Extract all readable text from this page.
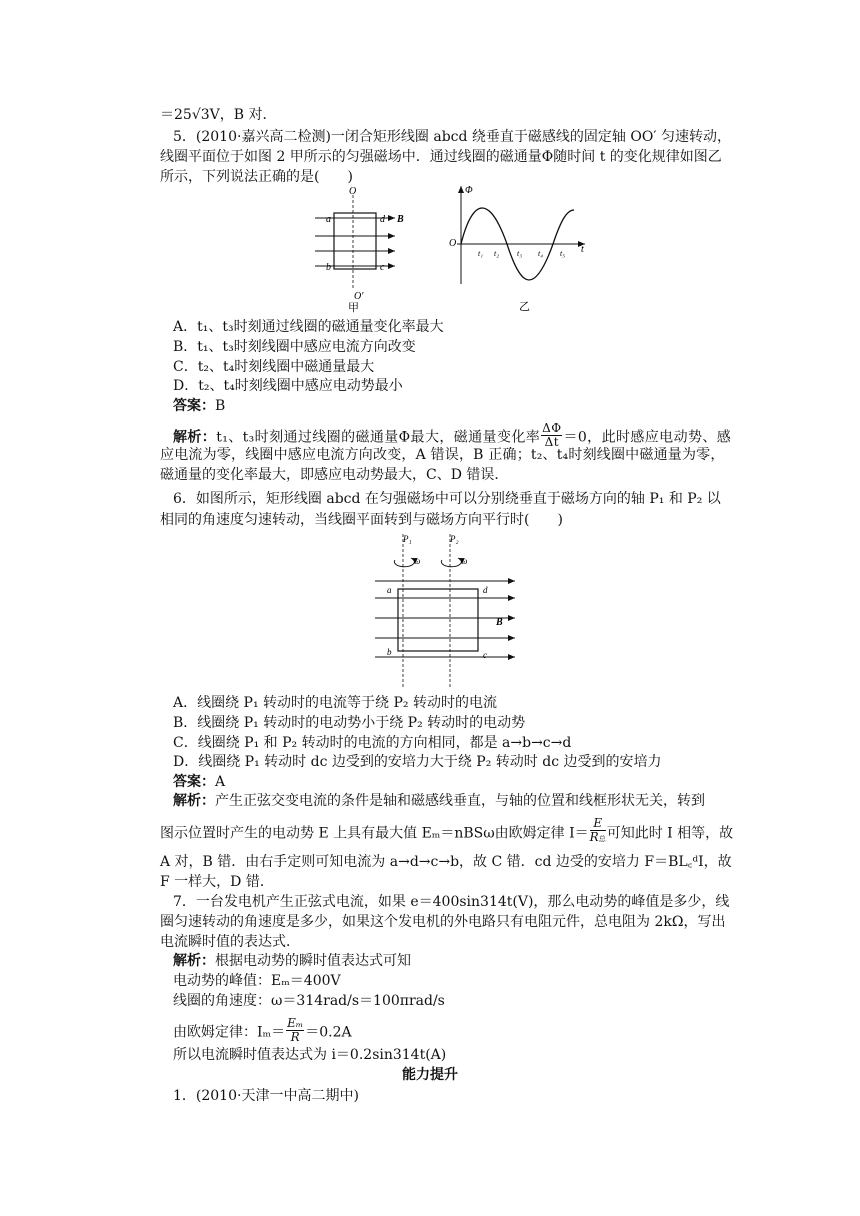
＝25√3V，B 对．
5．(2010·嘉兴高二检测)一闭合矩形线圈 abcd 绕垂直于磁感线的固定轴 OO′ 匀速转动，
线圈平面位于如图 2 甲所示的匀强磁场中．通过线圈的磁通量Φ随时间 t 的变化规律如图乙
所示，下列说法正确的是(　　)
O
O′
a
b	c
d B
甲
Φ
O
t₁ t₂ t₃ t₄ t₅ t
乙
A．t₁、t₃时刻通过线圈的磁通量变化率最大
B．t₁、t₃时刻线圈中感应电流方向改变
C．t₂、t₄时刻线圈中磁通量最大
D．t₂、t₄时刻线圈中感应电动势最小
答案：B
解析：t₁、t₃时刻通过线圈的磁通量Φ最大，磁通量变化率 $\frac{\Delta\Phi}{\Delta t} =0$，此时感应电动势、感
应电流为零，线圈中感应电流方向改变，A 错误，B 正确；t₂、t₄时刻线圈中磁通量为零，
磁通量的变化率最大，即感应电动势最大，C、D 错误．
6．如图所示，矩形线圈 abcd 在匀强磁场中可以分别绕垂直于磁场方向的轴 P₁ 和 P₂ 以
相同的角速度匀速转动，当线圈平面转到与磁场方向平行时(　　)
P₁	P₂
ω	ω
a
b	c
d
B
A．线圈绕 P₁ 转动时的电流等于绕 P₂ 转动时的电流
B．线圈绕 P₁ 转动时的电动势小于绕 P₂ 转动时的电动势
C．线圈绕 P₁ 和 P₂ 转动时的电流的方向相同，都是 a→b→c→d
D．线圈绕 P₁ 转动时 dc 边受到的安培力大于绕 P₂ 转动时 dc 边受到的安培力
答案：A
解析：产生正弦交变电流的条件是轴和磁感线垂直，与轴的位置和线框形状无关，转到
图示位置时产生的电动势 E 上具有最大值 Eₘ＝nBSω由欧姆定律 I＝
E
R总 可知此时 I 相等，故
A 对，B 错．由右手定则可知电流为 a→d→c→b，故 C 错．cd 边受的安培力 F＝BL꜀ᵈI，故
F 一样大，D 错．
7．一台发电机产生正弦式电流，如果 e＝400sin314t(V)，那么电动势的峰值是多少，线
圈匀速转动的角速度是多少，如果这个发电机的外电路只有电阻元件，总电阻为 2kΩ，写出
电流瞬时值的表达式．
解析：根据电动势的瞬时值表达式可知
电动势的峰值：Eₘ＝400V
线圈的角速度：ω＝314rad/s＝100πrad/s
由欧姆定律：$I_m= \frac{\text{Eₘ}}{R} =0.2A$
所以电流瞬时值表达式为 i＝0.2sin314t(A)
能力提升
1．(2010·天津一中高二期中)
